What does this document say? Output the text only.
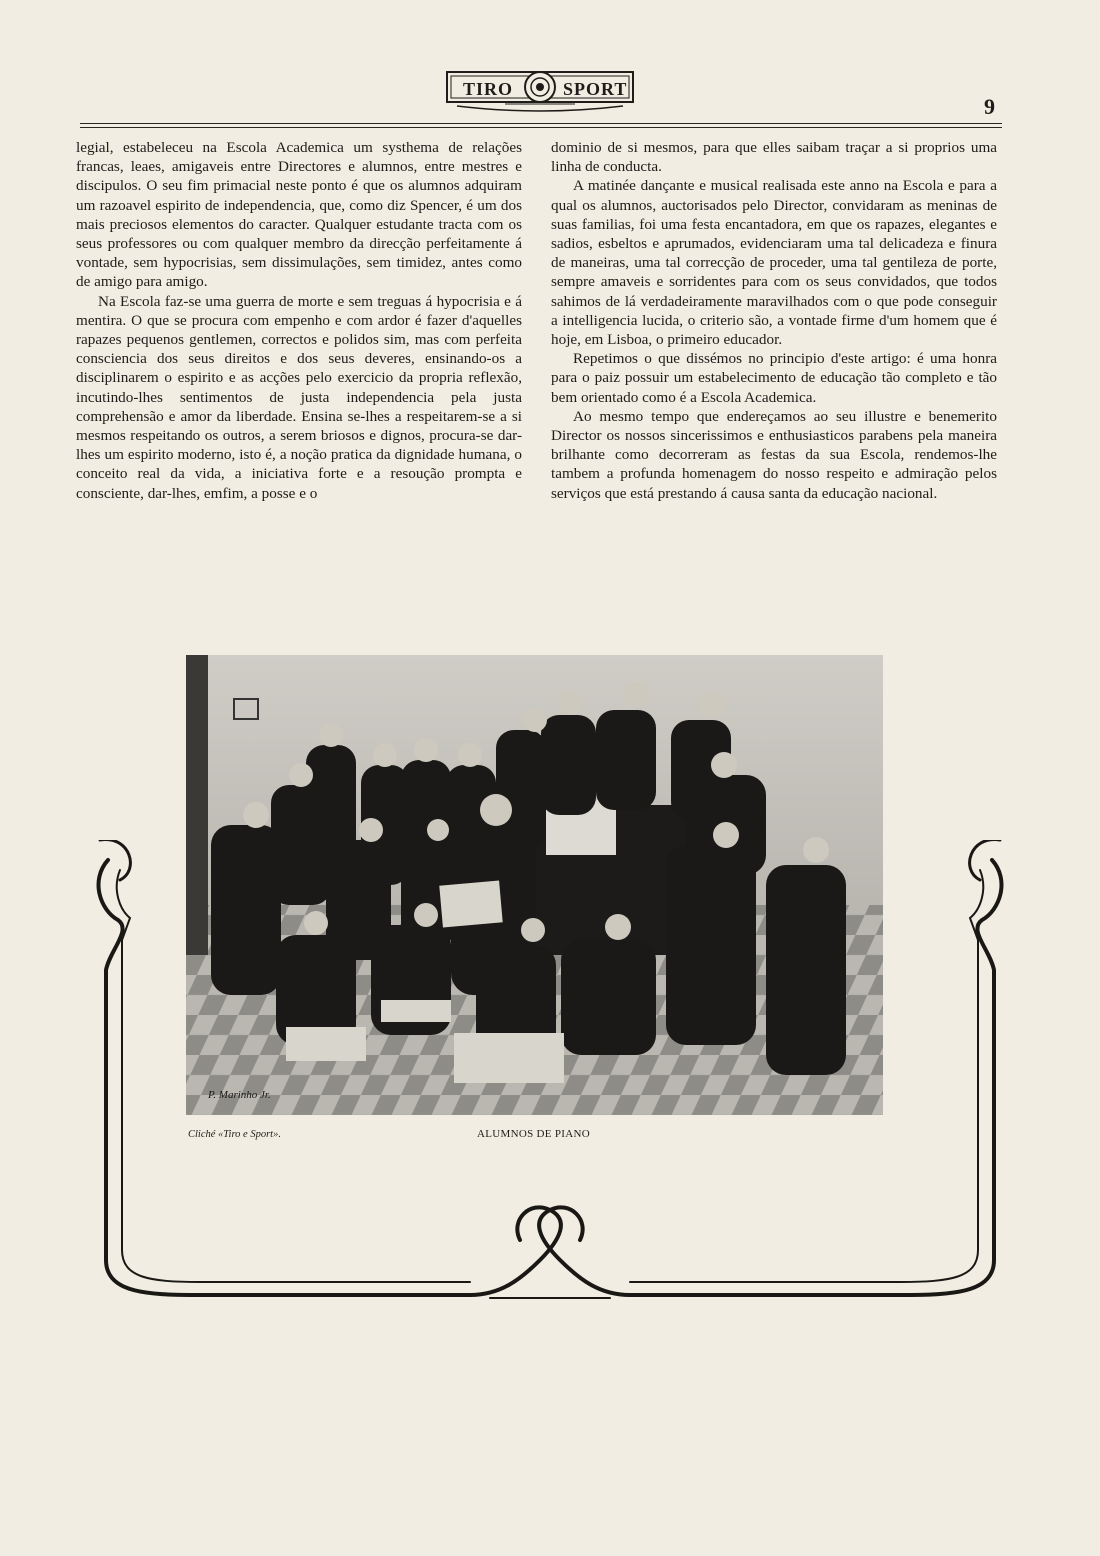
TIRO	SPORT
9

legial, estabeleceu na Escola Academica um systhema de relações francas, leaes, amigaveis entre Directores e alumnos, entre mestres e discipulos. O seu fim primacial neste ponto é que os alumnos adquiram um razoavel espirito de independencia, que, como diz Spencer, é um dos mais preciosos elementos do caracter. Qualquer estudante tracta com os seus professores ou com qualquer membro da direcção perfeitamente á vontade, sem hypocrisias, sem dissimulações, sem timidez, antes como de amigo para amigo.

Na Escola faz-se uma guerra de morte e sem treguas á hypocrisia e á mentira. O que se procura com empenho e com ardor é fazer d'aquelles rapazes pequenos gentlemen, correctos e polidos sim, mas com perfeita consciencia dos seus direitos e dos seus deveres, ensinando-os a disciplinarem o espirito e as acções pelo exercicio da propria reflexão, incutindo-lhes sentimentos de justa independencia pela justa comprehensão e amor da liberdade. Ensina se-lhes a respeitarem-se a si mesmos respeitando os outros, a serem briosos e dignos, procura-se dar-lhes um espirito moderno, isto é, a noção pratica da dignidade humana, o conceito real da vida, a iniciativa forte e a resoução prompta e consciente, dar-lhes, emfim, a posse e o

dominio de si mesmos, para que elles saibam traçar a si proprios uma linha de conducta.

A matinée dançante e musical realisada este anno na Escola e para a qual os alumnos, auctorisados pelo Director, convidaram as meninas de suas familias, foi uma festa encantadora, em que os rapazes, elegantes e sadios, esbeltos e aprumados, evidenciaram uma tal delicadeza e finura de maneiras, uma tal correcção de proceder, uma tal gentileza de porte, sempre amaveis e sorridentes para com os seus convidados, que todos sahimos de lá verdadeiramente maravilhados com o que pode conseguir a intelligencia lucida, o criterio são, a vontade firme d'um homem que é hoje, em Lisboa, o primeiro educador.

Repetimos o que dissémos no principio d'este artigo: é uma honra para o paiz possuir um estabelecimento de educação tão completo e tão bem orientado como é a Escola Academica.

Ao mesmo tempo que endereçamos ao seu illustre e benemerito Director os nossos sincerissimos e enthusiasticos parabens pela maneira brilhante como decorreram as festas da sua Escola, rendemos-lhe tambem a profunda homenagem do nosso respeito e admiração pelos serviços que está prestando á causa santa da educação nacional.

P. Marinho Jr.
Cliché «Tiro e Sport».	ALUMNOS DE PIANO
